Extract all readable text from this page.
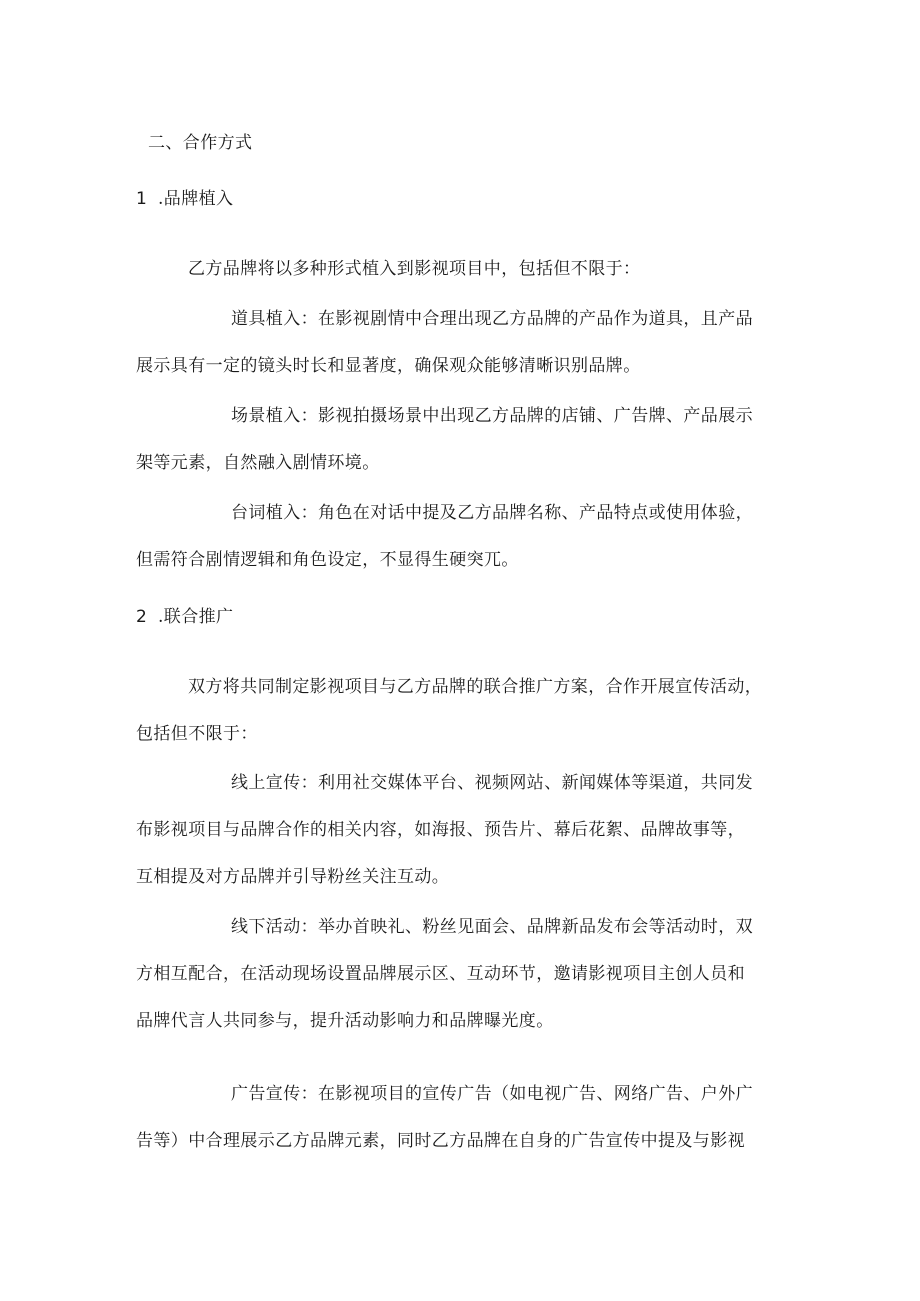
二、合作方式
1 .品牌植入
乙方品牌将以多种形式植入到影视项目中，包括但不限于：
道具植入：在影视剧情中合理出现乙方品牌的产品作为道具，且产品
展示具有一定的镜头时长和显著度，确保观众能够清晰识别品牌。
场景植入：影视拍摄场景中出现乙方品牌的店铺、广告牌、产品展示
架等元素，自然融入剧情环境。
台词植入：角色在对话中提及乙方品牌名称、产品特点或使用体验，
但需符合剧情逻辑和角色设定，不显得生硬突兀。
2 .联合推广
双方将共同制定影视项目与乙方品牌的联合推广方案，合作开展宣传活动，
包括但不限于：
线上宣传：利用社交媒体平台、视频网站、新闻媒体等渠道，共同发
布影视项目与品牌合作的相关内容，如海报、预告片、幕后花絮、品牌故事等，
互相提及对方品牌并引导粉丝关注互动。
线下活动：举办首映礼、粉丝见面会、品牌新品发布会等活动时，双
方相互配合，在活动现场设置品牌展示区、互动环节，邀请影视项目主创人员和
品牌代言人共同参与，提升活动影响力和品牌曝光度。
广告宣传：在影视项目的宣传广告（如电视广告、网络广告、户外广
告等）中合理展示乙方品牌元素，同时乙方品牌在自身的广告宣传中提及与影视
